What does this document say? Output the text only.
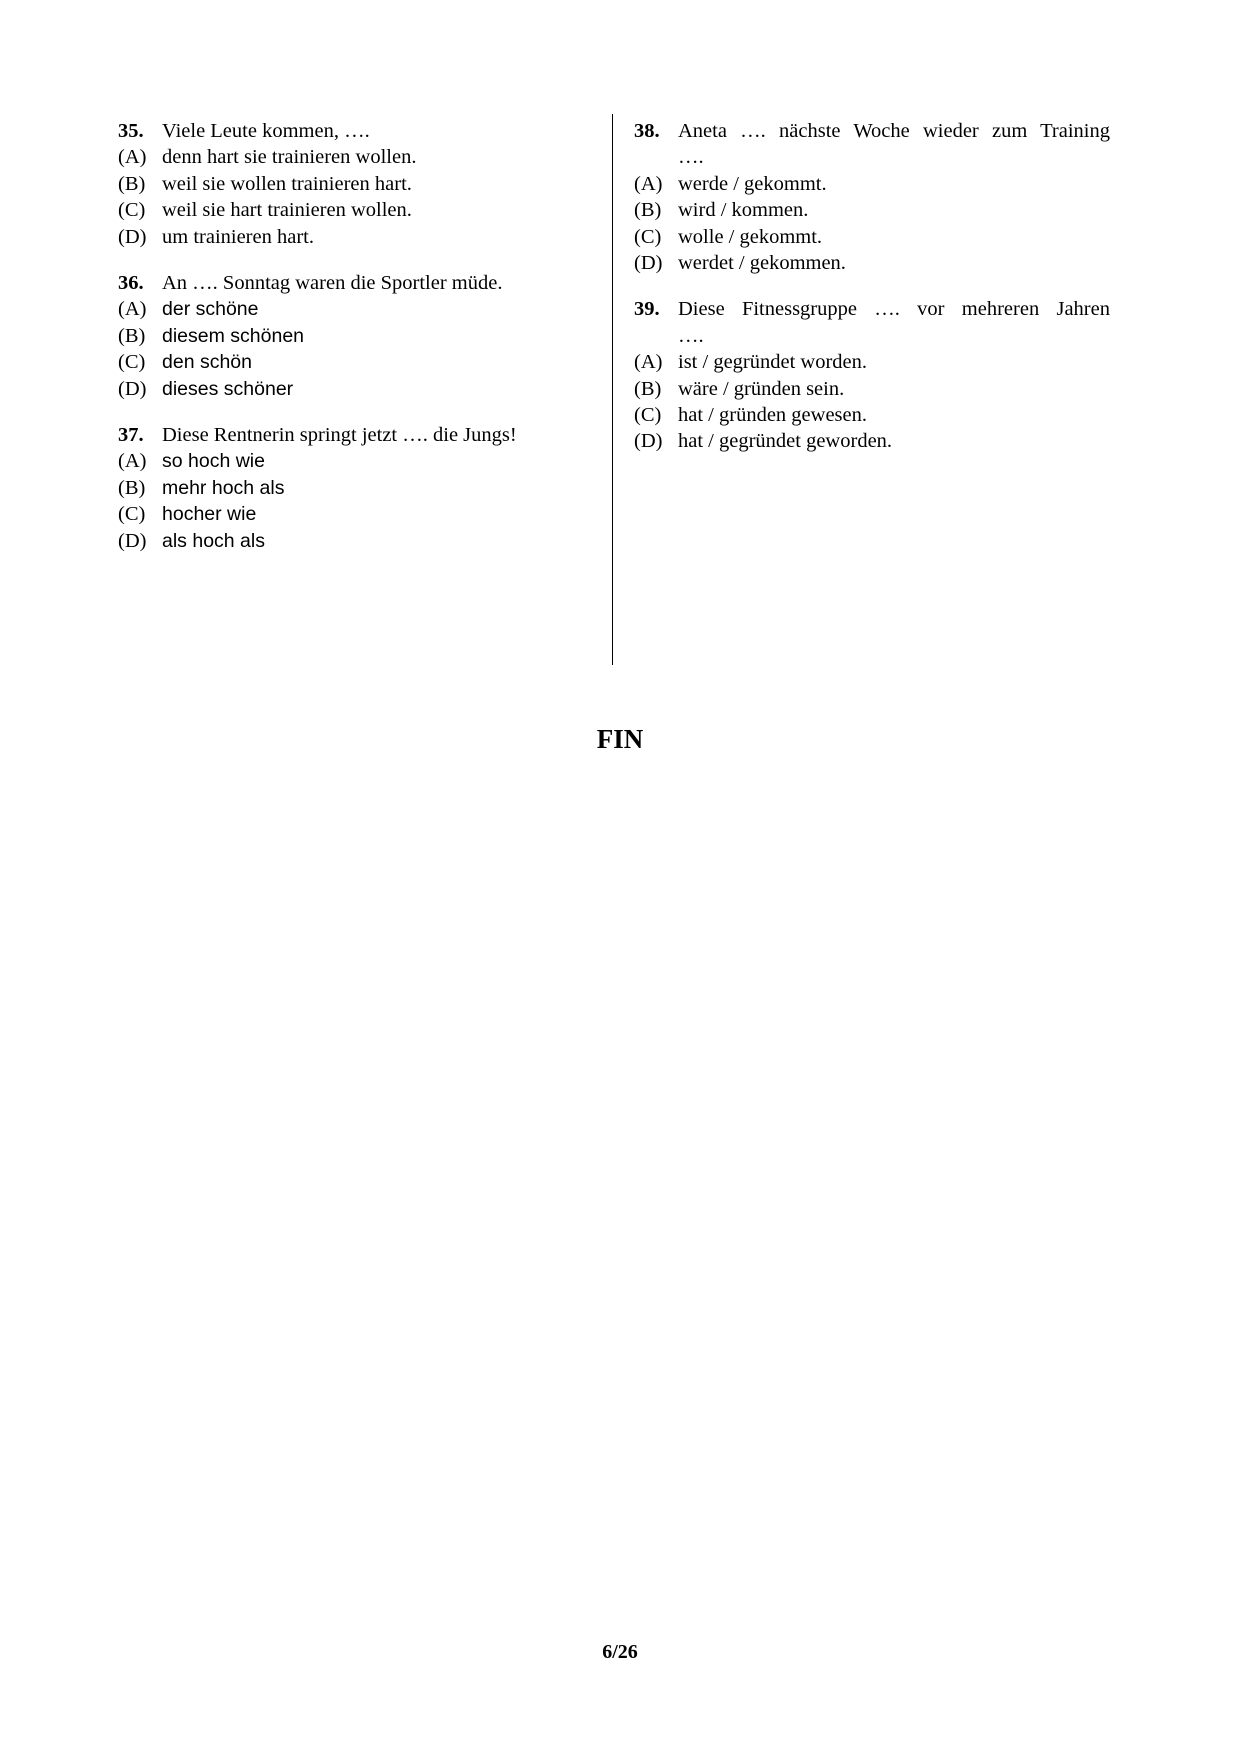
35. Viele Leute kommen, ….
(A) denn hart sie trainieren wollen.
(B) weil sie wollen trainieren hart.
(C) weil sie hart trainieren wollen.
(D) um trainieren hart.
36. An …. Sonntag waren die Sportler müde.
(A) der schöne
(B) diesem schönen
(C) den schön
(D) dieses schöner
37. Diese Rentnerin springt jetzt …. die Jungs!
(A) so hoch wie
(B) mehr hoch als
(C) hocher wie
(D) als hoch als
38. Aneta …. nächste Woche wieder zum Training
….
(A) werde / gekommt.
(B) wird / kommen.
(C) wolle / gekommt.
(D) werdet / gekommen.
39. Diese Fitnessgruppe …. vor mehreren Jahren
….
(A) ist / gegründet worden.
(B) wäre / gründen sein.
(C) hat / gründen gewesen.
(D) hat / gegründet geworden.
FIN
6/26
